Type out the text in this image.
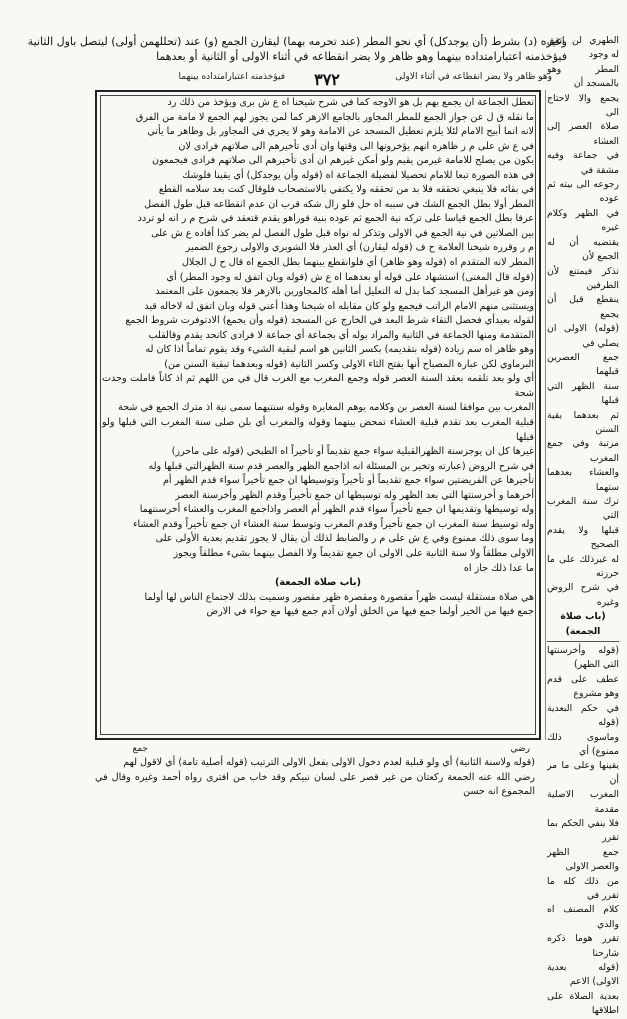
وغيره (د) بشرط (أن يوجدكل) أي نحو المطر (عند تحرمه بهما) ليقارن الجمع (و) عند (تحللهمن أولى) ليتصل باول الثانية
فيؤخذمنه اعتبارامتداده بينهما وهو ظاهر ولا يضر انقطاعه في أثناء الاولى أو الثانية أو بعدهما
وهو ظاهر ولا يضر انقطاعه في أثناء الاولى
٣٧٢
فيؤخذمنه اعتبارامتداده بينهما

تعطل الجماعة ان يجمع بهم بل هو الاوجه كما في شرح شيخنا اه ع ش برى ويؤخذ من ذلك رد

ما نقله ق ل عن جواز الجمع للمطر المجاور بالجامع الازهر كما لمن يجوز لهم الجمع لا مامة من الفرق

لانه انما أبيح الامام لئلا يلزم تعطيل المسجد عن الامامة وهو لا يجري في المجاور بل وظاهر ما يأتي

في ع ش على م ر ظاهره انهم يؤخرونها الى وقتها وان أدى تأخيرهم الى صلاتهم فرادى لان

يكون من يصلح للامامة غيرمن يقيم ولو أمكن غيرهم ان أدى تأخيرهم الى صلاتهم فرادى فيجمعون

في هذه الصورة تبعا للامام تحصيلا لفضيلة الجماعة اه (قوله وأن يوجدكل) أي يقينا فلوشك

في بقائه فلا ينبغي تحققه فلا بد من تحققه ولا يكتفي بالاستصحاب فلوقال كنت بعد سلامه القطع

المطر أولا بطل الجمع الشك في سببه اه حل فلو زال شكه قرب ان عدم انقطاعه قبل طول الفصل

عرفا بطل الجمع قياسا على تركه نية الجمع ثم عوده بنية فوراهو يقدم قتعقد في شرح م ر انه لو تردد

بين الصلاتين في نية الجمع في الاولى وتذكر له نواه قبل طول الفصل لم يضر كذا أفاده ع ش على

م ر وقرره شيخنا العلامة ح ف (قوله ليقارن) أي العذر فلا الشوبري والاولى رجوع الضمير

المطر لانه المتقدم اه (قوله وهو ظاهر) أي فلوانقطع بينهما بطل الجمع اه قال ح ل الجلال

(قوله قال المغنى) استشهاد على قوله أو بعدهما اه ع ش (قوله وبان اتفق له وجود المطر) أي

ومن هو غيرأهل المسجد كما بدل له التعليل أما أهله كالمجاورين بالازهر فلا يجمعون على المعتمد

ويستثنى منهم الامام الراتب فيجمع ولو كان مقابله اه شيخنا وهذا أعني قوله وبان اتفق له لاخاله قيد

لقوله بعيدأي فحصل التقاء شرط البعد في الخارج عن المسجد (قوله وأن يجمع) الادتوفرت شروط الجمع

المتقدمة ومنها الجماعة في الثانية والمراد بوله أي بجماعة أي جماعة لا فرادى كانحد يقدم وقالقلب

وهو ظاهر اه سم زيادة (قوله بتقديمه) بكسر الثانين هو اسم لبقية الشيء وقد يقوم تماماً اذا كان له

البرماوي لكن عبارة المصباح أنها بفتح الثاء الاولى وكسر الثانية (قوله وبعدهما تبقية السنن من)

أي ولو بعد تلقمه بعقد السنة العصر قوله وجمع المغرب مع الغرب قال في من اللهم ثم اذ كاناً فاملت وجدت شحة

المغرب بين موافقا لسنة العصر بن وكلامه يوهم المغايرة وقوله سنتيهما سمى نية اذ مترك الجمع في شحة

قبلية المغرب بعد تقدم قبلية العشاء تمحض بينهما وقوله والمغرب أي بلن صلى سنة المغرب التي قبلها ولو قبلها

غيرها كل ان يوجزسنة الظهرالقبلية سواء جمع تقديماً أو تأخيراً اه الطبخي (قوله على ماحرز)

في شرح الروض (عبارته وتخير بن المسئلة انه اذاجمع الظهر والعصر قدم سنة الظهرالتي قبلها وله

تأخيرها عن الفريضتين سواء جمع تقديماً أو تأخيراً وتوسيطها ان جمع تأخيراً سواء قدم الظهر أم

أخرهما و أخرسنتها التي بعد الظهر وله توسيطها ان جمع تأخيراً وقدم الظهر وأخرسنة العصر

وله توسيطها وتقديمها ان جمع تأخيراً سواء قدم الظهر أم العصر واذاجمع المغرب والعشاء أخرسنتهما

وله توسيط سنة المغرب ان جمع تأخيراً وقدم المغرب وتوسط سنة العشاء ان جمع تأخيراً وقدم العشاء

وما سوى ذلك ممنوع وفي ع ش على م ر والضابط لذلك أن يقال لا يجوز تقديم بعدية الأولى على

الاولى مطلقاً ولا سنة الثانية على الاولى ان جمع تقديماً ولا الفصل بينهما بشيء مطلقاً ويجوز

ما عدا ذلك جاز اه

(باب صلاة الجمعة)

هي صلاة مستقلة ليست ظهراً مقصورة ومقصرة ظهر مقصور وسميت بذلك لاجتماع الناس لها أولما

جمع فيها من الخير أولما جمع فيها من الخلق أولان آدم جمع فيها مع حواء في الارض

الطهري لن اتفق له وجود
المطر وهو بالمسجد أن
يجمع والا لاحتاج الى
صلاة العصر إلى العشاء
في جماعة وفيه مشقة في
رجوعه الى بيته ثم عوده
في الظهر وكلام غيره
يقتضيه أن له الجمع لأن
تذكر فيمتنع لأن الطرفين
ينقطع قبل أن يجمع
(قوله) الاولى ان يصلي في
جمع العصرين قبلهما
سنة الظهر التي قبلها
ثم بعدهما بقية السنن
مرتبة وفي جمع المغرب
والعشاء بعدهما ستهما
ترك سنة المغرب التي
قبلها ولا يقدم الصحيح
له غيرذلك على ما حرزته
في شرح الروض وغيره
(باب صلاة الجمعة)
(قوله وأخرسنتها التي الظهر)
عطف على قدم وهو مشروع
في حكم البعدية (قوله
وماسوى ذلك ممنوع) أي
يقينها وعلى ما مر أن
المغرب الاصلية مقدمة
فلا ينفي الحكم بما تقرر
جمع الظهر والعصر الاولى
من ذلك كله ما تقرر في
كلام المصنف اه والذي
تقرر هوما ذكره شارحنا
(قوله بعدية الاولى) الاعم
بعدية الصلاة على اطلاقها
جمع	رضي
(قوله ولاسنة الثانية) أي ولو قبلية لعدم دخول الاولى بفعل الاولى الترتيب (قوله أصلية تامة) أي لاقول لهم
رضي الله عنه الجمعة ركعتان من غير قصر على لسان نبيكم وقد خاب من افترى رواه أحمد وغيره وقال في المجموع انه حسن
